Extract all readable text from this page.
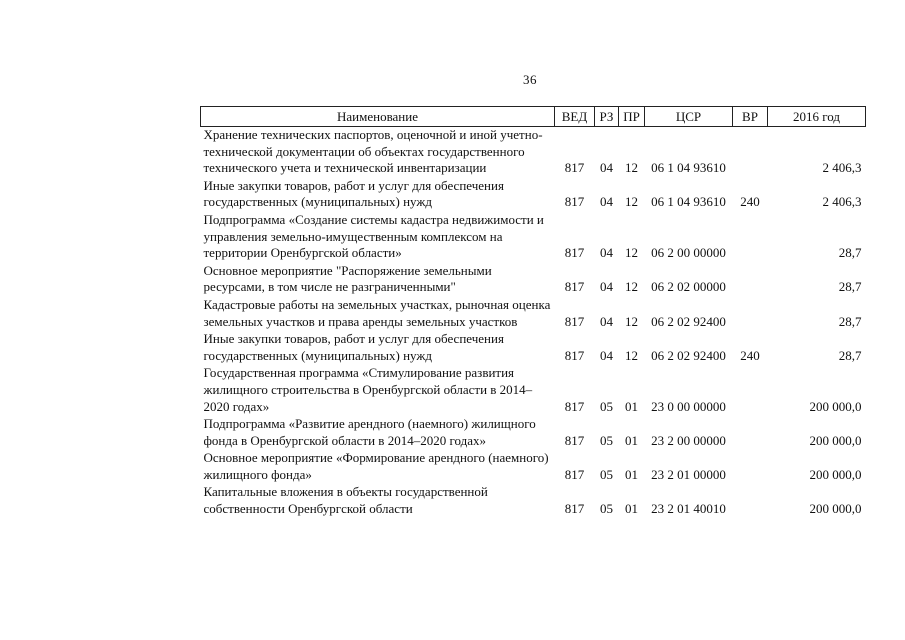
36
Наименование	ВЕД	РЗ	ПР	ЦСР	ВР	2016 год

Хранение технических паспортов, оценочной и иной учетно-
технической документации об объектах государственного
технического учета и технической инвентаризации	817	04	12	06 1 04 93610		2 406,3

Иные закупки товаров, работ и услуг для обеспечения
государственных (муниципальных) нужд	817	04	12	06 1 04 93610	240	2 406,3

Подпрограмма «Создание системы кадастра недвижимости и
управления земельно-имущественным комплексом на
территории Оренбургской области»	817	04	12	06 2 00 00000		28,7

Основное мероприятие "Распоряжение земельными
ресурсами, в том числе не разграниченными"	817	04	12	06 2 02 00000		28,7

Кадастровые работы на земельных участках, рыночная оценка
земельных участков и права аренды земельных участков	817	04	12	06 2 02 92400		28,7

Иные закупки товаров, работ и услуг для обеспечения
государственных (муниципальных) нужд	817	04	12	06 2 02 92400	240	28,7

Государственная программа «Стимулирование развития
жилищного строительства в Оренбургской области в 2014–
2020 годах»	817	05	01	23 0 00 00000		200 000,0

Подпрограмма «Развитие арендного (наемного) жилищного
фонда в Оренбургской области в 2014–2020 годах»	817	05	01	23 2 00 00000		200 000,0

Основное мероприятие «Формирование арендного (наемного)
жилищного фонда»	817	05	01	23 2 01 00000		200 000,0

Капитальные вложения в объекты государственной
собственности Оренбургской области	817	05	01	23 2 01 40010		200 000,0
